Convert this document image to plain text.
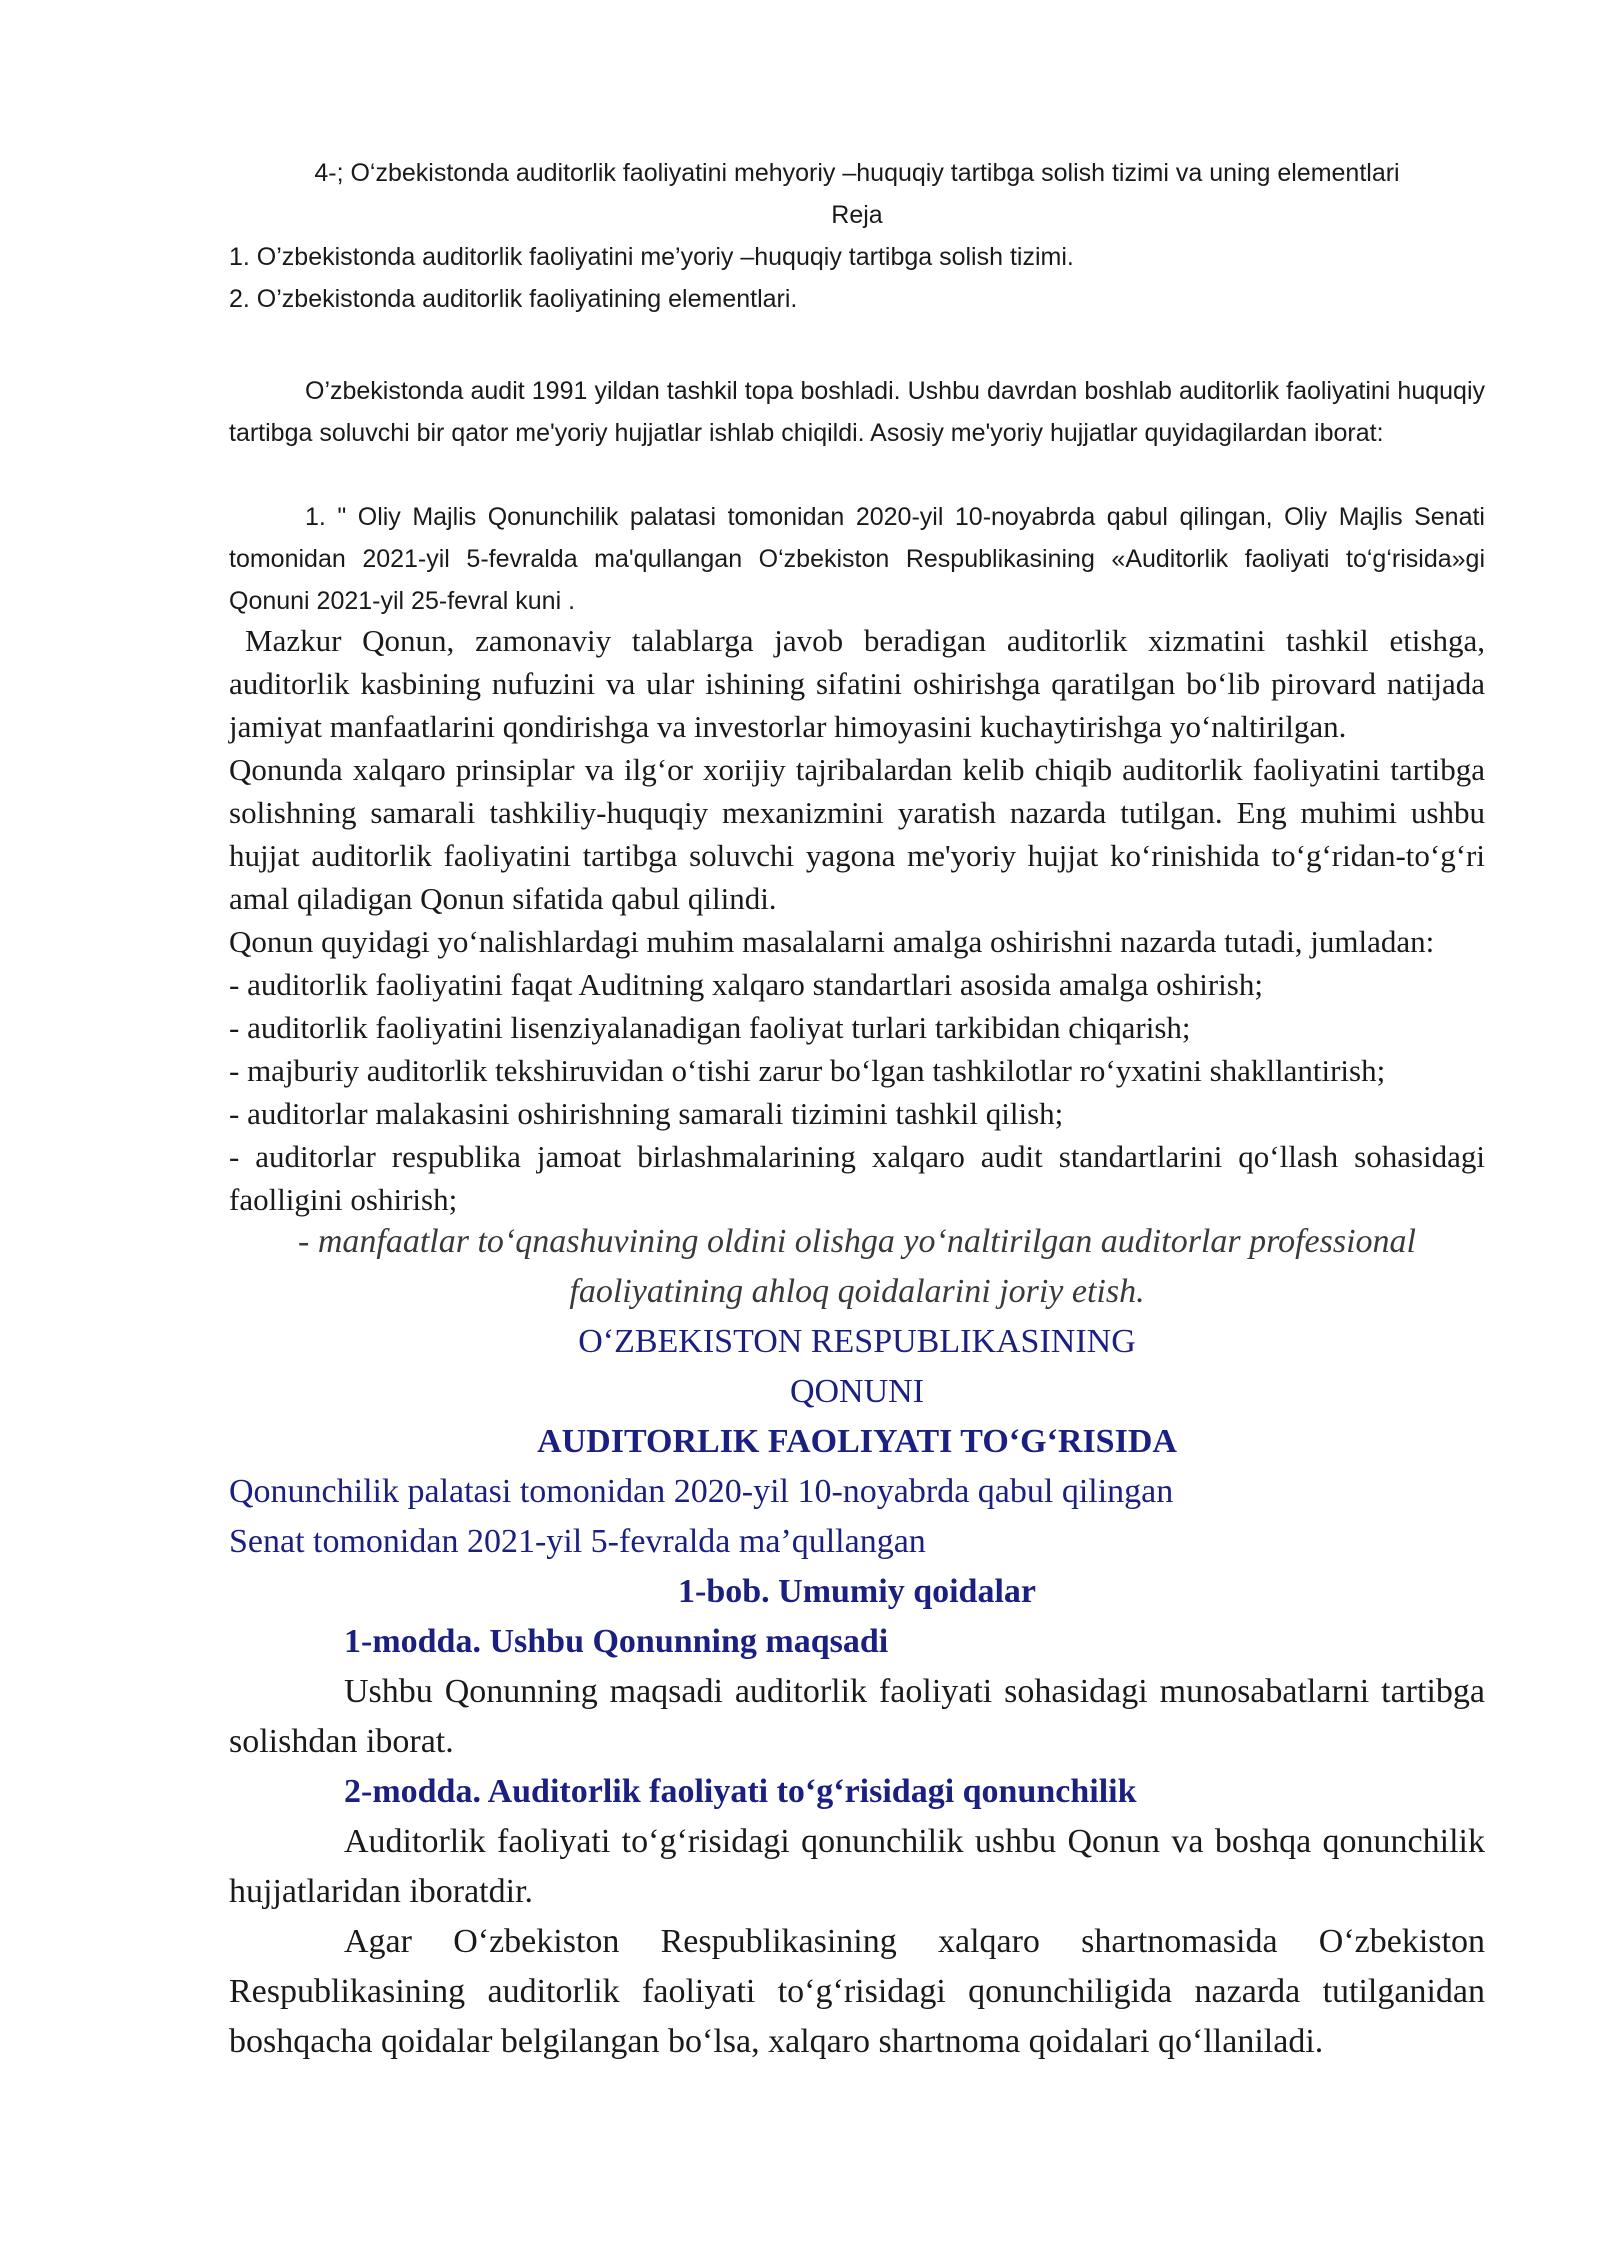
4-; O‘zbekistonda auditorlik faoliyatini mehyoriy –huquqiy tartibga solish tizimi va uning elementlari

Reja

1. O’zbekistonda auditorlik faoliyatini me’yoriy –huquqiy tartibga solish tizimi.

2. O’zbekistonda auditorlik faoliyatining elementlari.

O’zbekistonda audit 1991 yildan tashkil topa boshladi. Ushbu davrdan boshlab auditorlik faoliyatini huquqiy tartibga soluvchi bir qator me'yoriy hujjatlar ishlab chiqildi. Asosiy me'yoriy hujjatlar quyidagilardan iborat:

1. " Oliy Majlis Qonunchilik palatasi tomonidan 2020-yil 10-noyabrda qabul qilingan, Oliy Majlis Senati tomonidan 2021-yil 5-fevralda ma'qullangan O‘zbekiston Respublikasining «Auditorlik faoliyati to‘g‘risida»gi Qonuni 2021-yil 25-fevral kuni .

Mazkur Qonun, zamonaviy talablarga javob beradigan auditorlik xizmatini tashkil etishga, auditorlik kasbining nufuzini va ular ishining sifatini oshirishga qaratilgan bo‘lib pirovard natijada jamiyat manfaatlarini qondirishga va investorlar himoyasini kuchaytirishga yo‘naltirilgan.

Qonunda xalqaro prinsiplar va ilg‘or xorijiy tajribalardan kelib chiqib auditorlik faoliyatini tartibga solishning samarali tashkiliy-huquqiy mexanizmini yaratish nazarda tutilgan. Eng muhimi ushbu hujjat auditorlik faoliyatini tartibga soluvchi yagona me'yoriy hujjat ko‘rinishida to‘g‘ridan-to‘g‘ri amal qiladigan Qonun sifatida qabul qilindi.

Qonun quyidagi yo‘nalishlardagi muhim masalalarni amalga oshirishni nazarda tutadi, jumladan:

- auditorlik faoliyatini faqat Auditning xalqaro standartlari asosida amalga oshirish;

- auditorlik faoliyatini lisenziyalanadigan faoliyat turlari tarkibidan chiqarish;

- majburiy auditorlik tekshiruvidan o‘tishi zarur bo‘lgan tashkilotlar ro‘yxatini shakllantirish;

- auditorlar malakasini oshirishning samarali tizimini tashkil qilish;

- auditorlar respublika jamoat birlashmalarining xalqaro audit standartlarini qo‘llash sohasidagi faolligini oshirish;

- manfaatlar to‘qnashuvining oldini olishga yo‘naltirilgan auditorlar professional faoliyatining ahloq qoidalarini joriy etish.

O‘ZBEKISTON RESPUBLIKASINING

QONUNI

AUDITORLIK FAOLIYATI TO‘G‘RISIDA

Qonunchilik palatasi tomonidan 2020-yil 10-noyabrda qabul qilingan

Senat tomonidan 2021-yil 5-fevralda ma’qullangan

1-bob. Umumiy qoidalar

1-modda. Ushbu Qonunning maqsadi

Ushbu Qonunning maqsadi auditorlik faoliyati sohasidagi munosabatlarni tartibga solishdan iborat.

2-modda. Auditorlik faoliyati to‘g‘risidagi qonunchilik

Auditorlik faoliyati to‘g‘risidagi qonunchilik ushbu Qonun va boshqa qonunchilik hujjatlaridan iboratdir.

Agar O‘zbekiston Respublikasining xalqaro shartnomasida O‘zbekiston Respublikasining auditorlik faoliyati to‘g‘risidagi qonunchiligida nazarda tutilganidan boshqacha qoidalar belgilangan bo‘lsa, xalqaro shartnoma qoidalari qo‘llaniladi.
